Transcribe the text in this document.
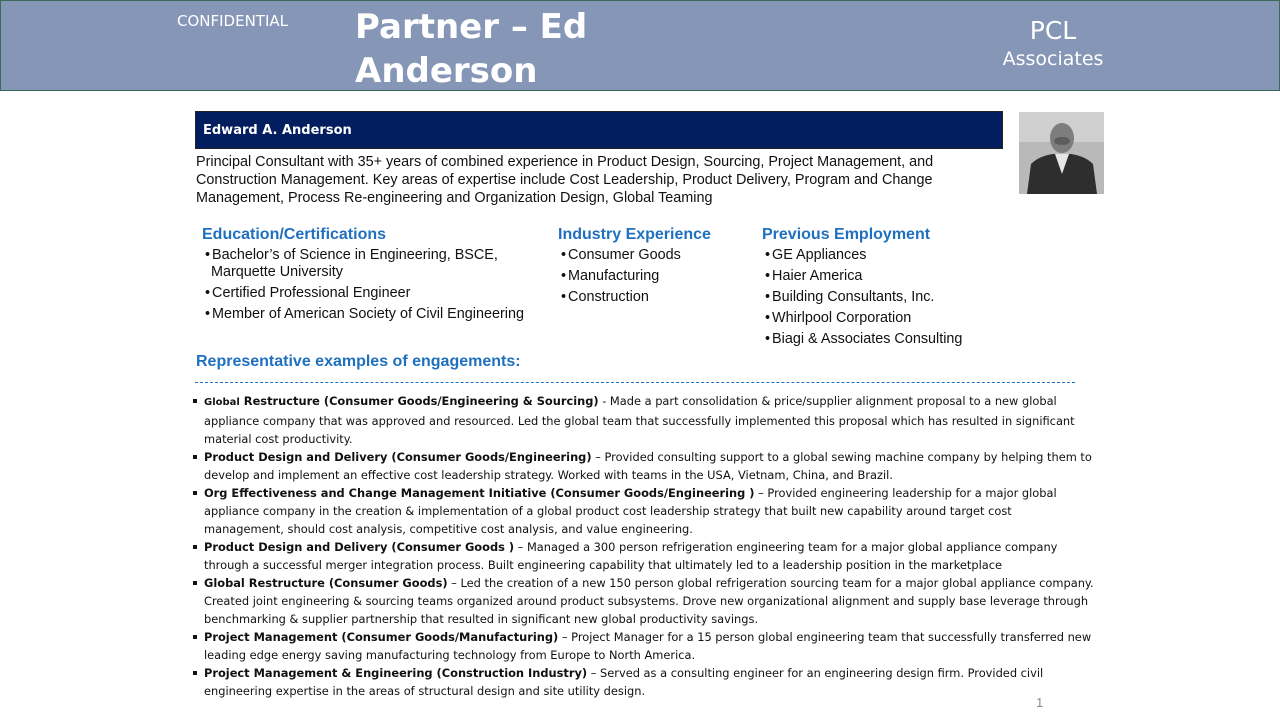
CONFIDENTIAL Partner – Ed Anderson
PCL
Associates
Edward A. Anderson
Principal Consultant with 35+ years of combined experience in Product Design, Sourcing, Project Management, and Construction Management. Key areas of expertise include Cost Leadership, Product Delivery, Program and Change Management, Process Re-engineering and Organization Design, Global Teaming
Education/Certifications
• Bachelor’s of Science in Engineering, BSCE, Marquette University
• Certified Professional Engineer
• Member of American Society of Civil Engineering
Industry Experience
• Consumer Goods
• Manufacturing
• Construction
Previous Employment
• GE Appliances
• Haier America
• Building Consultants, Inc.
• Whirlpool Corporation
• Biagi & Associates Consulting
Representative examples of engagements:
Global Restructure (Consumer Goods/Engineering & Sourcing) - Made a part consolidation & price/supplier alignment proposal to a new global appliance company that was approved and resourced. Led the global team that successfully implemented this proposal which has resulted in significant material cost productivity.
Product Design and Delivery (Consumer Goods/Engineering) – Provided consulting support to a global sewing machine company by helping them to develop and implement an effective cost leadership strategy. Worked with teams in the USA, Vietnam, China, and Brazil.
Org Effectiveness and Change Management Initiative (Consumer Goods/Engineering ) – Provided engineering leadership for a major global appliance company in the creation & implementation of a global product cost leadership strategy that built new capability around target cost management, should cost analysis, competitive cost analysis, and value engineering.
Product Design and Delivery (Consumer Goods ) – Managed a 300 person refrigeration engineering team for a major global appliance company through a successful merger integration process. Built engineering capability that ultimately led to a leadership position in the marketplace
Global Restructure (Consumer Goods) – Led the creation of a new 150 person global refrigeration sourcing team for a major global appliance company. Created joint engineering & sourcing teams organized around product subsystems. Drove new organizational alignment and supply base leverage through benchmarking & supplier partnership that resulted in significant new global productivity savings.
Project Management (Consumer Goods/Manufacturing) – Project Manager for a 15 person global engineering team that successfully transferred new leading edge energy saving manufacturing technology from Europe to North America.
Project Management & Engineering (Construction Industry) – Served as a consulting engineer for an engineering design firm. Provided civil engineering expertise in the areas of structural design and site utility design.
1
